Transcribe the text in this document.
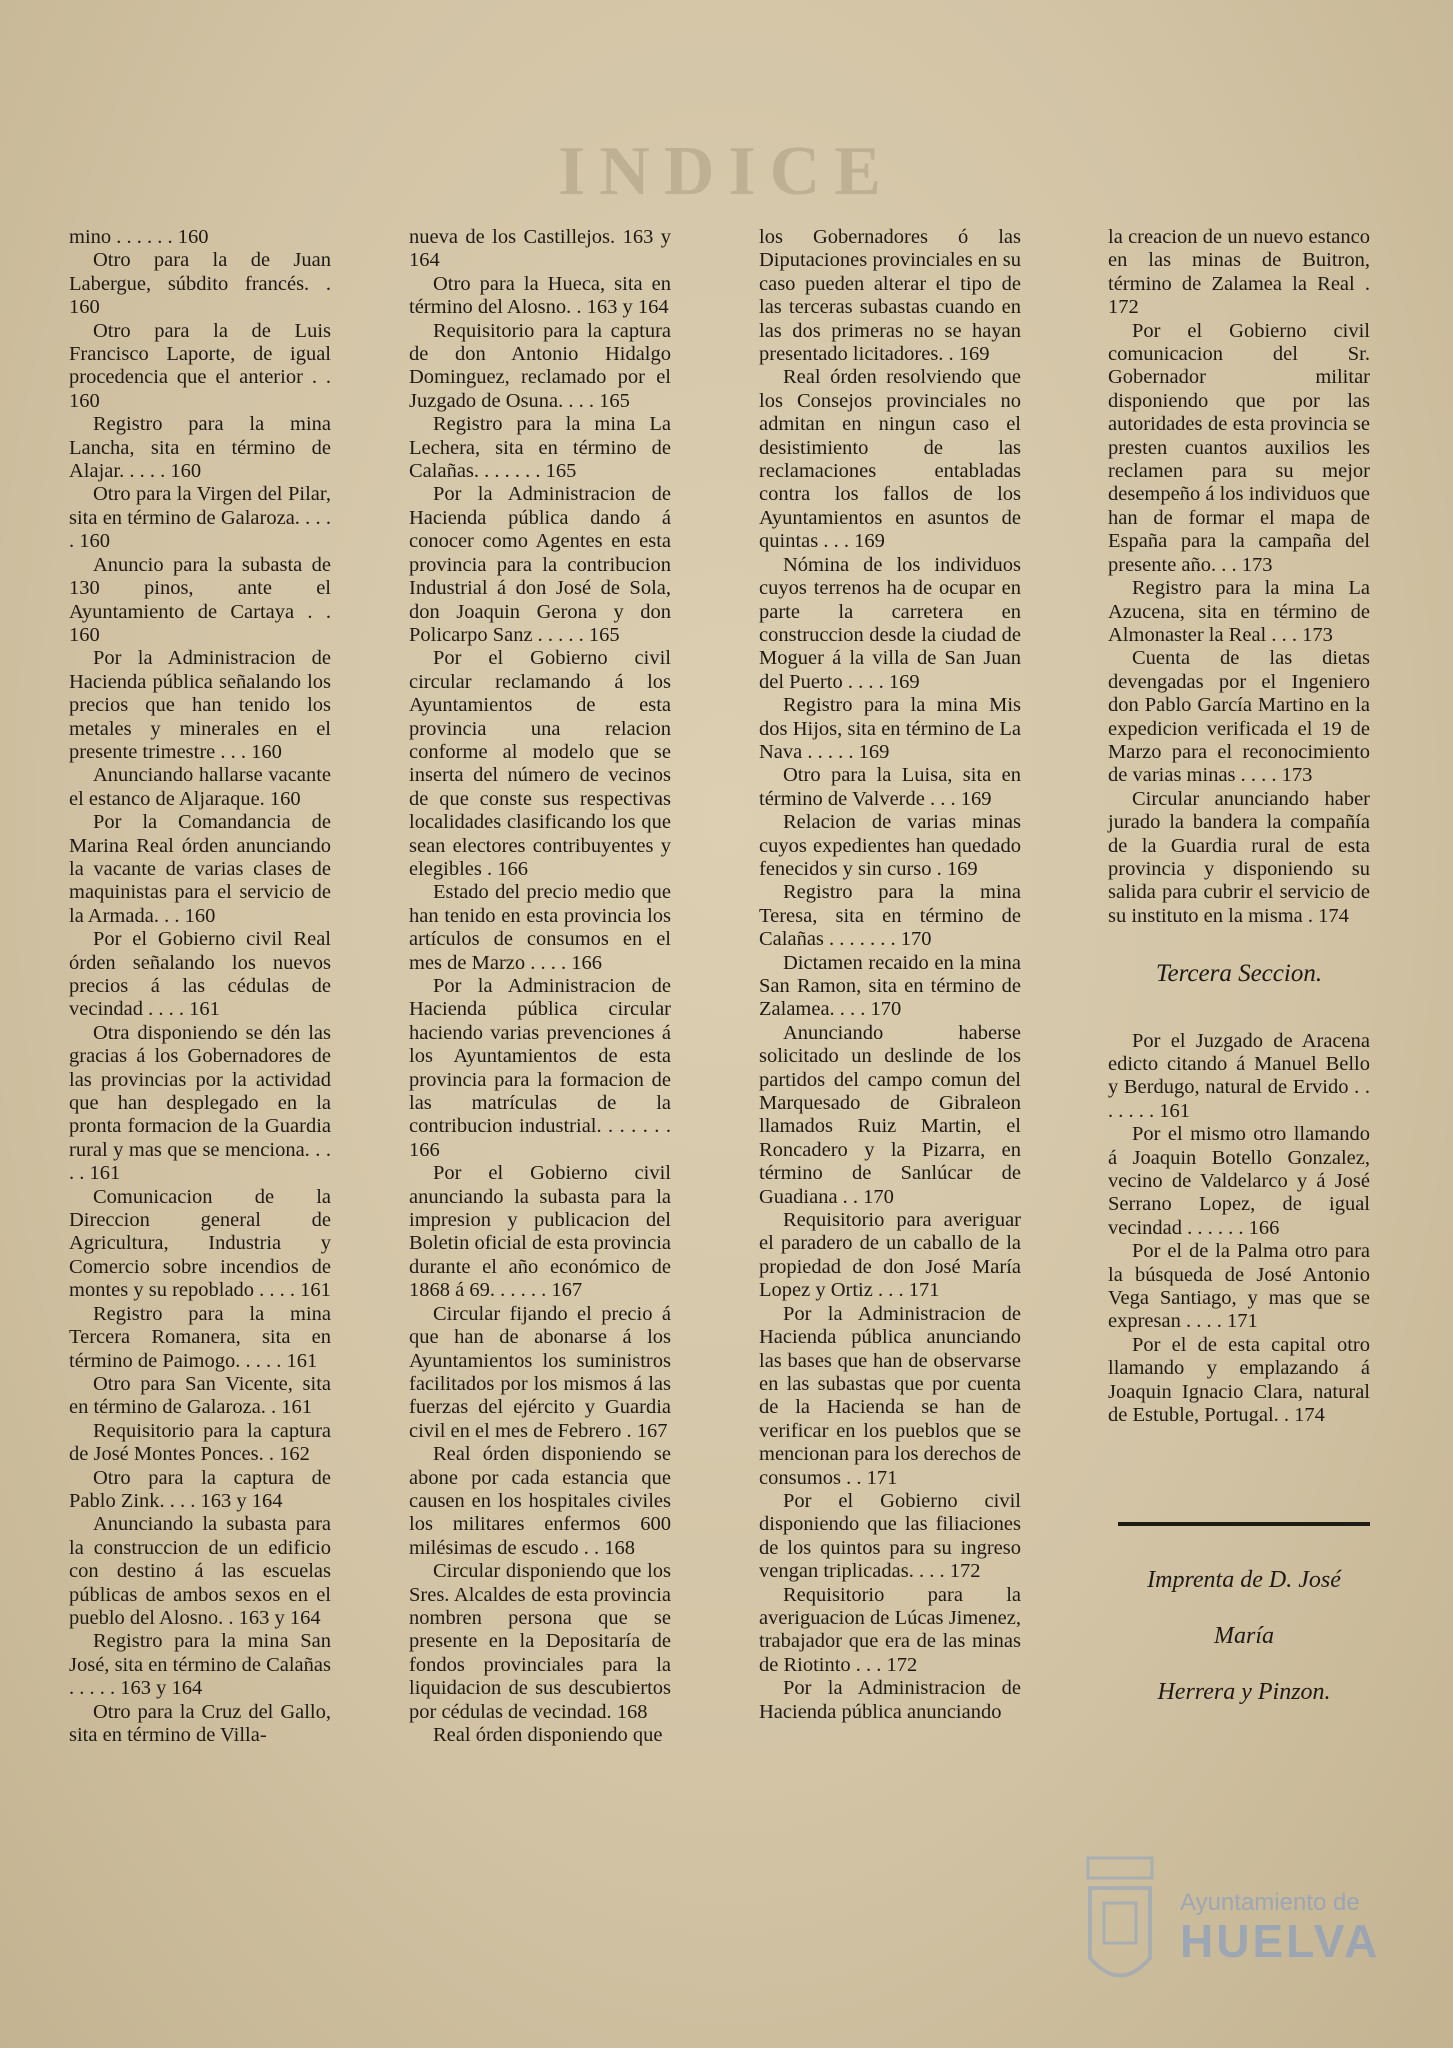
INDICE

mino . . . . . . 160

Otro para la de Juan Labergue, súbdito francés. . 160

Otro para la de Luis Francisco Laporte, de igual procedencia que el anterior . . 160

Registro para la mina Lancha, sita en término de Alajar. . . . . 160

Otro para la Virgen del Pilar, sita en término de Galaroza. . . . . 160

Anuncio para la subasta de 130 pinos, ante el Ayuntamiento de Cartaya . . 160

Por la Administracion de Hacienda pública señalando los precios que han tenido los metales y minerales en el presente trimestre . . . 160

Anunciando hallarse vacante el estanco de Aljaraque. 160

Por la Comandancia de Marina Real órden anunciando la vacante de varias clases de maquinistas para el servicio de la Armada. . . 160

Por el Gobierno civil Real órden señalando los nuevos precios á las cédulas de vecindad . . . . 161

Otra disponiendo se dén las gracias á los Gobernadores de las provincias por la actividad que han desplegado en la pronta formacion de la Guardia rural y mas que se menciona. . . . . 161

Comunicacion de la Direccion general de Agricultura, Industria y Comercio sobre incendios de montes y su repoblado . . . . 161

Registro para la mina Tercera Romanera, sita en término de Paimogo. . . . . 161

Otro para San Vicente, sita en término de Galaroza. . 161

Requisitorio para la captura de José Montes Ponces. . 162

Otro para la captura de Pablo Zink. . . . 163 y 164

Anunciando la subasta para la construccion de un edificio con destino á las escuelas públicas de ambos sexos en el pueblo del Alosno. . 163 y 164

Registro para la mina San José, sita en término de Calañas . . . . . 163 y 164

Otro para la Cruz del Gallo, sita en término de Villa-

nueva de los Castillejos. 163 y 164

Otro para la Hueca, sita en término del Alosno. . 163 y 164

Requisitorio para la captura de don Antonio Hidalgo Dominguez, reclamado por el Juzgado de Osuna. . . . 165

Registro para la mina La Lechera, sita en término de Calañas. . . . . . . 165

Por la Administracion de Hacienda pública dando á conocer como Agentes en esta provincia para la contribucion Industrial á don José de Sola, don Joaquin Gerona y don Policarpo Sanz . . . . . 165

Por el Gobierno civil circular reclamando á los Ayuntamientos de esta provincia una relacion conforme al modelo que se inserta del número de vecinos de que conste sus respectivas localidades clasificando los que sean electores contribuyentes y elegibles . 166

Estado del precio medio que han tenido en esta provincia los artículos de consumos en el mes de Marzo . . . . 166

Por la Administracion de Hacienda pública circular haciendo varias prevenciones á los Ayuntamientos de esta provincia para la formacion de las matrículas de la contribucion industrial. . . . . . . 166

Por el Gobierno civil anunciando la subasta para la impresion y publicacion del Boletin oficial de esta provincia durante el año económico de 1868 á 69. . . . . . 167

Circular fijando el precio á que han de abonarse á los Ayuntamientos los suministros facilitados por los mismos á las fuerzas del ejército y Guardia civil en el mes de Febrero . 167

Real órden disponiendo se abone por cada estancia que causen en los hospitales civiles los militares enfermos 600 milésimas de escudo . . 168

Circular disponiendo que los Sres. Alcaldes de esta provincia nombren persona que se presente en la Depositaría de fondos provinciales para la liquidacion de sus descubiertos por cédulas de vecindad. 168

Real órden disponiendo que

los Gobernadores ó las Diputaciones provinciales en su caso pueden alterar el tipo de las terceras subastas cuando en las dos primeras no se hayan presentado licitadores. . 169

Real órden resolviendo que los Consejos provinciales no admitan en ningun caso el desistimiento de las reclamaciones entabladas contra los fallos de los Ayuntamientos en asuntos de quintas . . . 169

Nómina de los individuos cuyos terrenos ha de ocupar en parte la carretera en construccion desde la ciudad de Moguer á la villa de San Juan del Puerto . . . . 169

Registro para la mina Mis dos Hijos, sita en término de La Nava . . . . . 169

Otro para la Luisa, sita en término de Valverde . . . 169

Relacion de varias minas cuyos expedientes han quedado fenecidos y sin curso . 169

Registro para la mina Teresa, sita en término de Calañas . . . . . . . 170

Dictamen recaido en la mina San Ramon, sita en término de Zalamea. . . . 170

Anunciando haberse solicitado un deslinde de los partidos del campo comun del Marquesado de Gibraleon llamados Ruiz Martin, el Roncadero y la Pizarra, en término de Sanlúcar de Guadiana . . 170

Requisitorio para averiguar el paradero de un caballo de la propiedad de don José María Lopez y Ortiz . . . 171

Por la Administracion de Hacienda pública anunciando las bases que han de observarse en las subastas que por cuenta de la Hacienda se han de verificar en los pueblos que se mencionan para los derechos de consumos . . 171

Por el Gobierno civil disponiendo que las filiaciones de los quintos para su ingreso vengan triplicadas. . . . 172

Requisitorio para la averiguacion de Lúcas Jimenez, trabajador que era de las minas de Riotinto . . . 172

Por la Administracion de Hacienda pública anunciando

la creacion de un nuevo estanco en las minas de Buitron, término de Zalamea la Real . 172

Por el Gobierno civil comunicacion del Sr. Gobernador militar disponiendo que por las autoridades de esta provincia se presten cuantos auxilios les reclamen para su mejor desempeño á los individuos que han de formar el mapa de España para la campaña del presente año. . . 173

Registro para la mina La Azucena, sita en término de Almonaster la Real . . . 173

Cuenta de las dietas devengadas por el Ingeniero don Pablo García Martino en la expedicion verificada el 19 de Marzo para el reconocimiento de varias minas . . . . 173

Circular anunciando haber jurado la bandera la compañía de la Guardia rural de esta provincia y disponiendo su salida para cubrir el servicio de su instituto en la misma . 174

Tercera Seccion.

Por el Juzgado de Aracena edicto citando á Manuel Bello y Berdugo, natural de Ervido . . . . . . . 161

Por el mismo otro llamando á Joaquin Botello Gonzalez, vecino de Valdelarco y á José Serrano Lopez, de igual vecindad . . . . . . 166

Por el de la Palma otro para la búsqueda de José Antonio Vega Santiago, y mas que se expresan . . . . 171

Por el de esta capital otro llamando y emplazando á Joaquin Ignacio Clara, natural de Estuble, Portugal. . 174

Imprenta de D. José María
Herrera y Pinzon.
Ayuntamiento de
HUELVA
